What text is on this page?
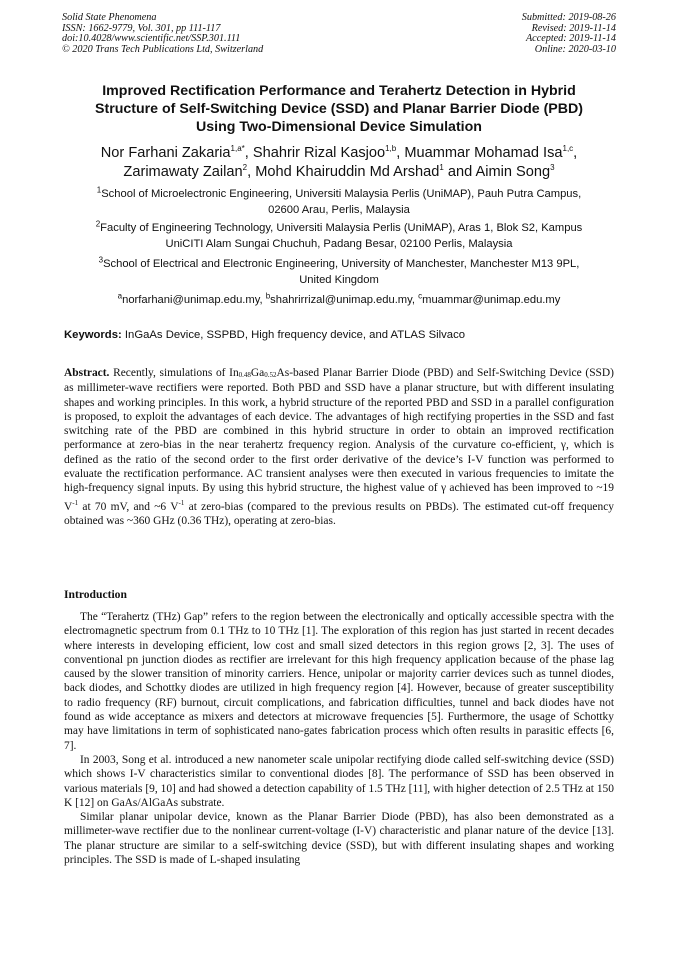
Solid State Phenomena
ISSN: 1662-9779, Vol. 301, pp 111-117
doi:10.4028/www.scientific.net/SSP.301.111
© 2020 Trans Tech Publications Ltd, Switzerland
Submitted: 2019-08-26
Revised: 2019-11-14
Accepted: 2019-11-14
Online: 2020-03-10
Improved Rectification Performance and Terahertz Detection in Hybrid
Structure of Self-Switching Device (SSD) and Planar Barrier Diode (PBD)
Using Two-Dimensional Device Simulation
Nor Farhani Zakaria$^{1,a*}$, Shahrir Rizal Kasjoo$^{1,b}$, Muammar Mohamad Isa$^{1,c}$,
Zarimawaty Zailan$^2$, Mohd Khairuddin Md Arshad$^1$ and Aimin Song$^3$
$^1$School of Microelectronic Engineering, Universiti Malaysia Perlis (UniMAP), Pauh Putra Campus,
02600 Arau, Perlis, Malaysia
$^2$Faculty of Engineering Technology, Universiti Malaysia Perlis (UniMAP), Aras 1, Blok S2, Kampus
UniCITI Alam Sungai Chuchuh, Padang Besar, 02100 Perlis, Malaysia
$^3$School of Electrical and Electronic Engineering, University of Manchester, Manchester M13 9PL,
United Kingdom
$^a$norfarhani@unimap.edu.my, $^b$shahrirrizal@unimap.edu.my, $^c$muammar@unimap.edu.my
Keywords: InGaAs Device, SSPBD, High frequency device, and ATLAS Silvaco
Abstract. Recently, simulations of $In_{0.48}Ga_{0.52}As$-based Planar Barrier Diode (PBD) and Self-Switching Device (SSD) as millimeter-wave rectifiers were reported. Both PBD and SSD have a planar structure, but with different insulating shapes and working principles. In this work, a hybrid structure of the reported PBD and SSD in a parallel configuration is proposed, to exploit the advantages of each device. The advantages of high rectifying properties in the SSD and fast switching rate of the PBD are combined in this hybrid structure in order to obtain an improved rectification performance at zero-bias in the near terahertz frequency region. Analysis of the curvature co-efficient, γ, which is defined as the ratio of the second order to the first order derivative of the device’s I-V function was performed to evaluate the rectification performance. AC transient analyses were then executed in various frequencies to imitate the high-frequency signal inputs. By using this hybrid structure, the highest value of γ achieved has been improved to ~19 $V^{-1}$ at 70 mV, and ~6 $V^{-1}$ at zero-bias (compared to the previous results on PBDs). The estimated cut-off frequency obtained was ~360 GHz (0.36 THz), operating at zero-bias.
Introduction

The “Terahertz (THz) Gap” refers to the region between the electronically and optically accessible spectra with the electromagnetic spectrum from 0.1 THz to 10 THz [1]. The exploration of this region has just started in recent decades where interests in developing efficient, low cost and small sized detectors in this region grows [2, 3]. The uses of conventional pn junction diodes as rectifier are irrelevant for this high frequency application because of the phase lag caused by the slower transition of minority carriers. Hence, unipolar or majority carrier devices such as tunnel diodes, back diodes, and Schottky diodes are utilized in high frequency region [4]. However, because of greater susceptibility to radio frequency (RF) burnout, circuit complications, and fabrication difficulties, tunnel and back diodes have not found as wide acceptance as mixers and detectors at microwave frequencies [5]. Furthermore, the usage of Schottky may have limitations in term of sophisticated nano-gates fabrication process which often results in parasitic effects [6, 7].

In 2003, Song et al. introduced a new nanometer scale unipolar rectifying diode called self-switching device (SSD) which shows I-V characteristics similar to conventional diodes [8]. The performance of SSD has been observed in various materials [9, 10] and had showed a detection capability of 1.5 THz [11], with higher detection of 2.5 THz at 150 K [12] on GaAs/AlGaAs substrate.

Similar planar unipolar device, known as the Planar Barrier Diode (PBD), has also been demonstrated as a millimeter-wave rectifier due to the nonlinear current-voltage (I-V) characteristic and planar nature of the device [13]. The planar structure are similar to a self-switching device (SSD), but with different insulating shapes and working principles. The SSD is made of L-shaped insulating
